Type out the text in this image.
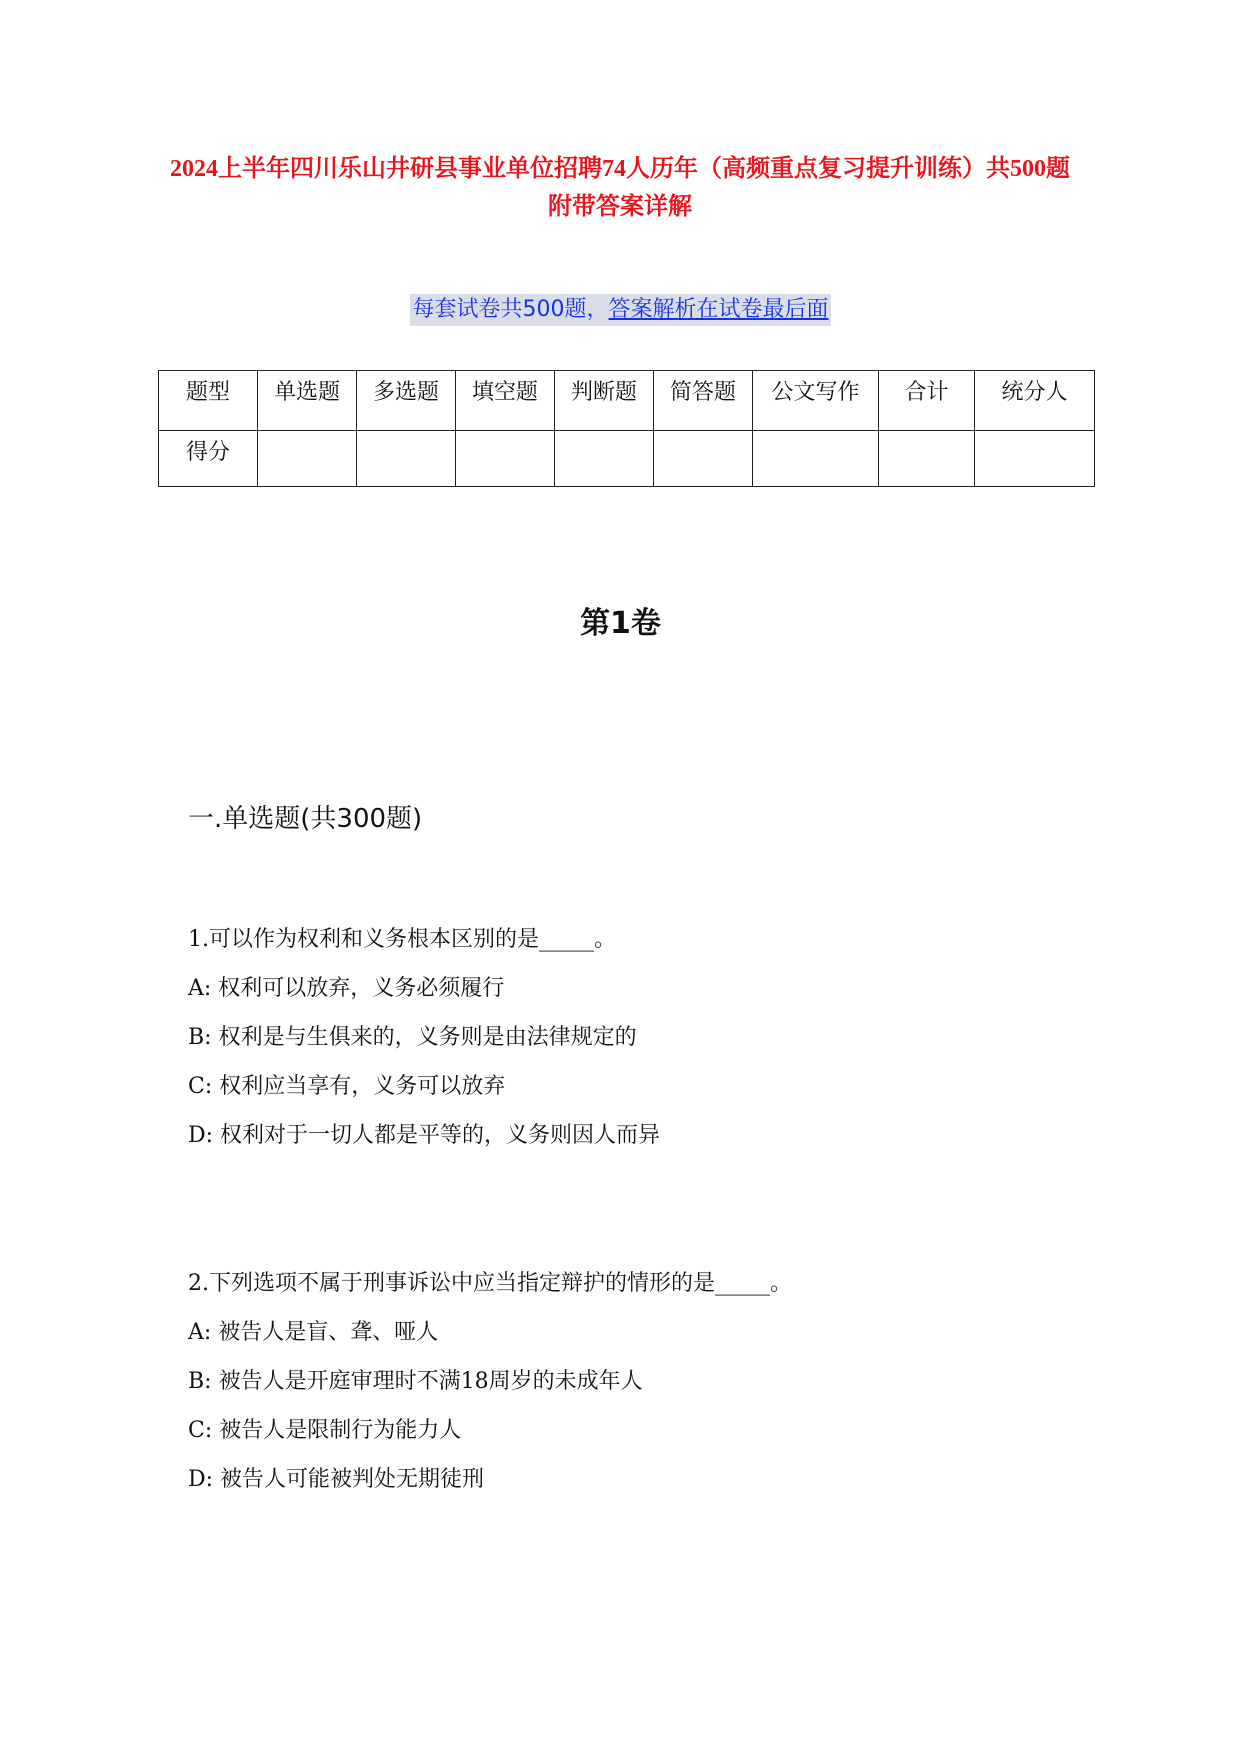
2024上半年四川乐山井研县事业单位招聘74人历年（高频重点复习提升训练）共500题附带答案详解
每套试卷共500题，答案解析在试卷最后面
题型	单选题	多选题	填空题	判断题	简答题	公文写作	合计	统分人
得分								
第1卷
一.单选题(共300题)
1.可以作为权利和义务根本区别的是_____。
A: 权利可以放弃，义务必须履行
B: 权利是与生俱来的，义务则是由法律规定的
C: 权利应当享有，义务可以放弃
D: 权利对于一切人都是平等的，义务则因人而异
2.下列选项不属于刑事诉讼中应当指定辩护的情形的是_____。
A: 被告人是盲、聋、哑人
B: 被告人是开庭审理时不满18周岁的未成年人
C: 被告人是限制行为能力人
D: 被告人可能被判处无期徒刑
